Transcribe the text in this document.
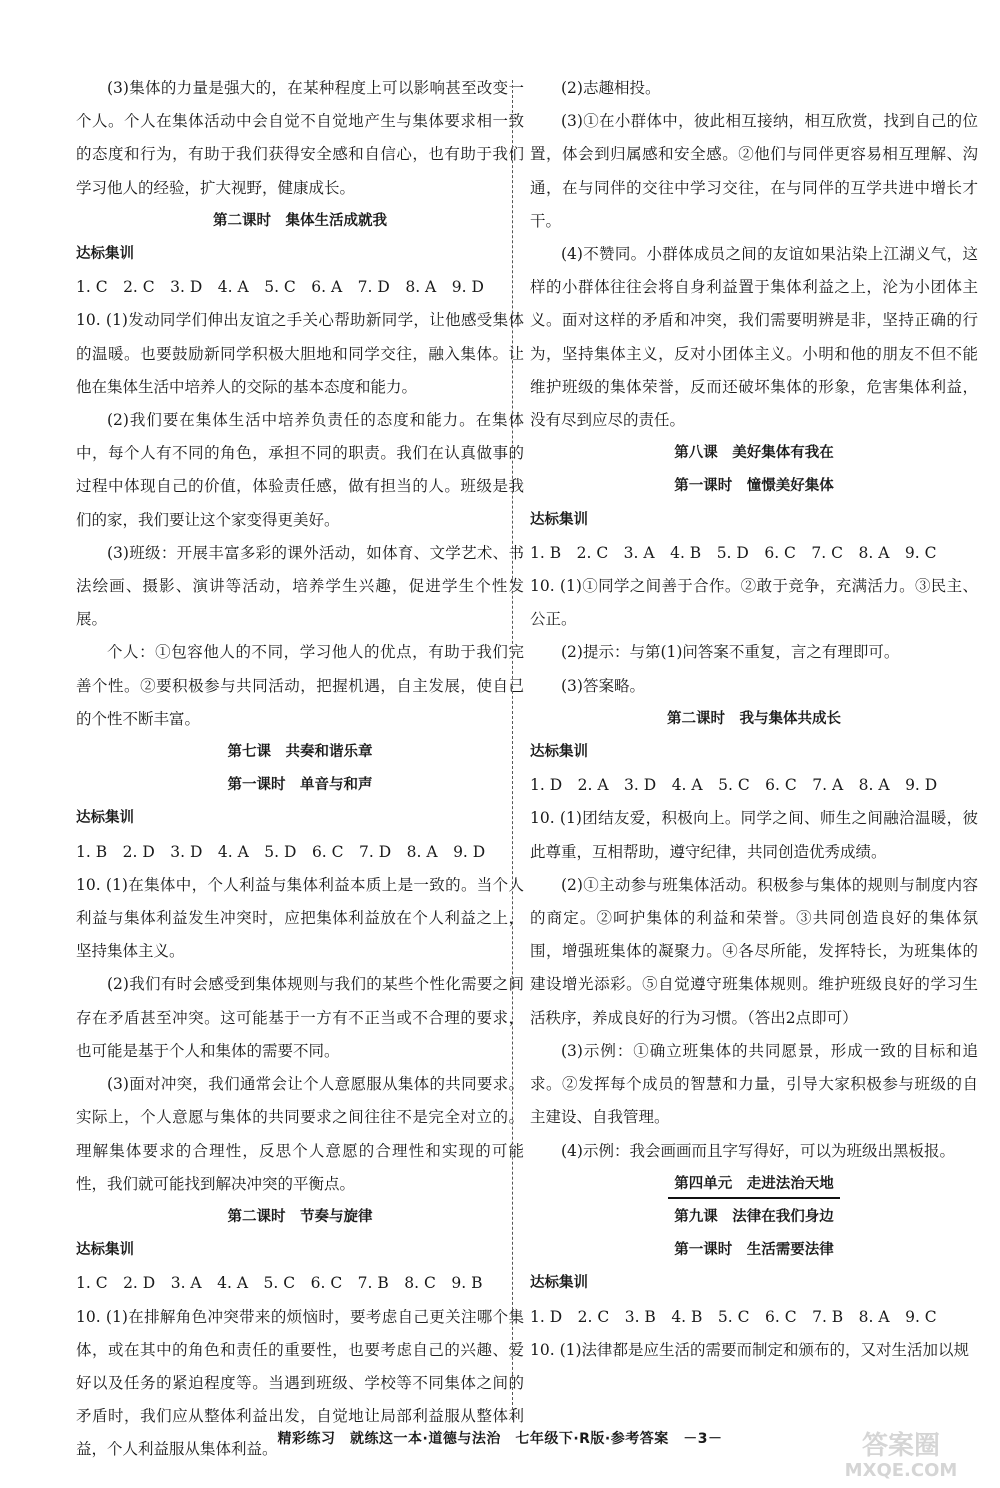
(3)集体的力量是强大的，在某种程度上可以影响甚至改变一个人。个人在集体活动中会自觉不自觉地产生与集体要求相一致的态度和行为，有助于我们获得安全感和自信心，也有助于我们学习他人的经验，扩大视野，健康成长。
第二课时　集体生活成就我
达标集训
1. C　2. C　3. D　4. A　5. C　6. A　7. D　8. A　9. D
10. (1)发动同学们伸出友谊之手关心帮助新同学，让他感受集体的温暖。也要鼓励新同学积极大胆地和同学交往，融入集体。让他在集体生活中培养人的交际的基本态度和能力。
(2)我们要在集体生活中培养负责任的态度和能力。在集体中，每个人有不同的角色，承担不同的职责。我们在认真做事的过程中体现自己的价值，体验责任感，做有担当的人。班级是我们的家，我们要让这个家变得更美好。
(3)班级：开展丰富多彩的课外活动，如体育、文学艺术、书法绘画、摄影、演讲等活动，培养学生兴趣，促进学生个性发展。
个人：①包容他人的不同，学习他人的优点，有助于我们完善个性。②要积极参与共同活动，把握机遇，自主发展，使自己的个性不断丰富。
第七课　共奏和谐乐章
第一课时　单音与和声
达标集训
1. B　2. D　3. D　4. A　5. D　6. C　7. D　8. A　9. D
10. (1)在集体中，个人利益与集体利益本质上是一致的。当个人利益与集体利益发生冲突时，应把集体利益放在个人利益之上，坚持集体主义。
(2)我们有时会感受到集体规则与我们的某些个性化需要之间存在矛盾甚至冲突。这可能基于一方有不正当或不合理的要求，也可能是基于个人和集体的需要不同。
(3)面对冲突，我们通常会让个人意愿服从集体的共同要求。实际上，个人意愿与集体的共同要求之间往往不是完全对立的。理解集体要求的合理性，反思个人意愿的合理性和实现的可能性，我们就可能找到解决冲突的平衡点。
第二课时　节奏与旋律
达标集训
1. C　2. D　3. A　4. A　5. C　6. C　7. B　8. C　9. B
10. (1)在排解角色冲突带来的烦恼时，要考虑自己更关注哪个集体，或在其中的角色和责任的重要性，也要考虑自己的兴趣、爱好以及任务的紧迫程度等。当遇到班级、学校等不同集体之间的矛盾时，我们应从整体利益出发，自觉地让局部利益服从整体利益，个人利益服从集体利益。
(2)志趣相投。
(3)①在小群体中，彼此相互接纳，相互欣赏，找到自己的位置，体会到归属感和安全感。②他们与同伴更容易相互理解、沟通，在与同伴的交往中学习交往，在与同伴的互学共进中增长才干。
(4)不赞同。小群体成员之间的友谊如果沾染上江湖义气，这样的小群体往往会将自身利益置于集体利益之上，沦为小团体主义。面对这样的矛盾和冲突，我们需要明辨是非，坚持正确的行为，坚持集体主义，反对小团体主义。小明和他的朋友不但不能维护班级的集体荣誉，反而还破坏集体的形象，危害集体利益，没有尽到应尽的责任。
第八课　美好集体有我在
第一课时　憧憬美好集体
达标集训
1. B　2. C　3. A　4. B　5. D　6. C　7. C　8. A　9. C
10. (1)①同学之间善于合作。②敢于竞争，充满活力。③民主、公正。
(2)提示：与第(1)问答案不重复，言之有理即可。
(3)答案略。
第二课时　我与集体共成长
达标集训
1. D　2. A　3. D　4. A　5. C　6. C　7. A　8. A　9. D
10. (1)团结友爱，积极向上。同学之间、师生之间融洽温暖，彼此尊重，互相帮助，遵守纪律，共同创造优秀成绩。
(2)①主动参与班集体活动。积极参与集体的规则与制度内容的商定。②呵护集体的利益和荣誉。③共同创造良好的集体氛围，增强班集体的凝聚力。④各尽所能，发挥特长，为班集体的建设增光添彩。⑤自觉遵守班集体规则。维护班级良好的学习生活秩序，养成良好的行为习惯。（答出2点即可）
(3)示例：①确立班集体的共同愿景，形成一致的目标和追求。②发挥每个成员的智慧和力量，引导大家积极参与班级的自主建设、自我管理。
(4)示例：我会画画而且字写得好，可以为班级出黑板报。
第四单元　走进法治天地
第九课　法律在我们身边
第一课时　生活需要法律
达标集训
1. D　2. C　3. B　4. B　5. C　6. C　7. B　8. A　9. C
10. (1)法律都是应生活的需要而制定和颁布的，又对生活加以规
精彩练习　就练这一本·道德与法治　七年级下·R版·参考答案　－3－	答案圈
MXQE.COM
